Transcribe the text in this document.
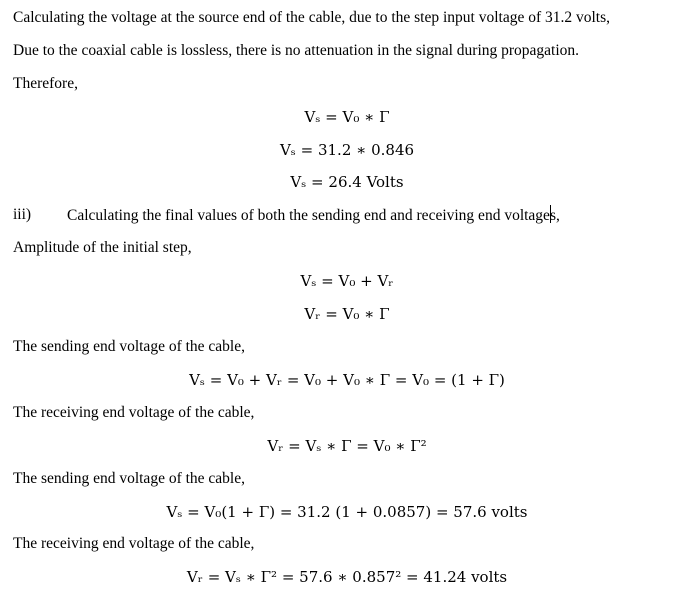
Calculating the voltage at the source end of the cable, due to the step input voltage of 31.2 volts,
Due to the coaxial cable is lossless, there is no attenuation in the signal during propagation.
Therefore,
Vₛ = V₀ ∗ Γ
Vₛ = 31.2 ∗ 0.846
Vₛ = 26.4 Volts
iii) Calculating the final values of both the sending end and receiving end voltages,
Amplitude of the initial step,
Vₛ = V₀ + Vᵣ
Vᵣ = V₀ ∗ Γ
The sending end voltage of the cable,
Vₛ = V₀ + Vᵣ = V₀ + V₀ ∗ Γ = V₀ = (1 + Γ)
The receiving end voltage of the cable,
Vᵣ = Vₛ ∗ Γ = V₀ ∗ Γ²
The sending end voltage of the cable,
Vₛ = V₀(1 + Γ) = 31.2 (1 + 0.0857) = 57.6 volts
The receiving end voltage of the cable,
Vᵣ = Vₛ ∗ Γ² = 57.6 ∗ 0.857² = 41.24 volts
